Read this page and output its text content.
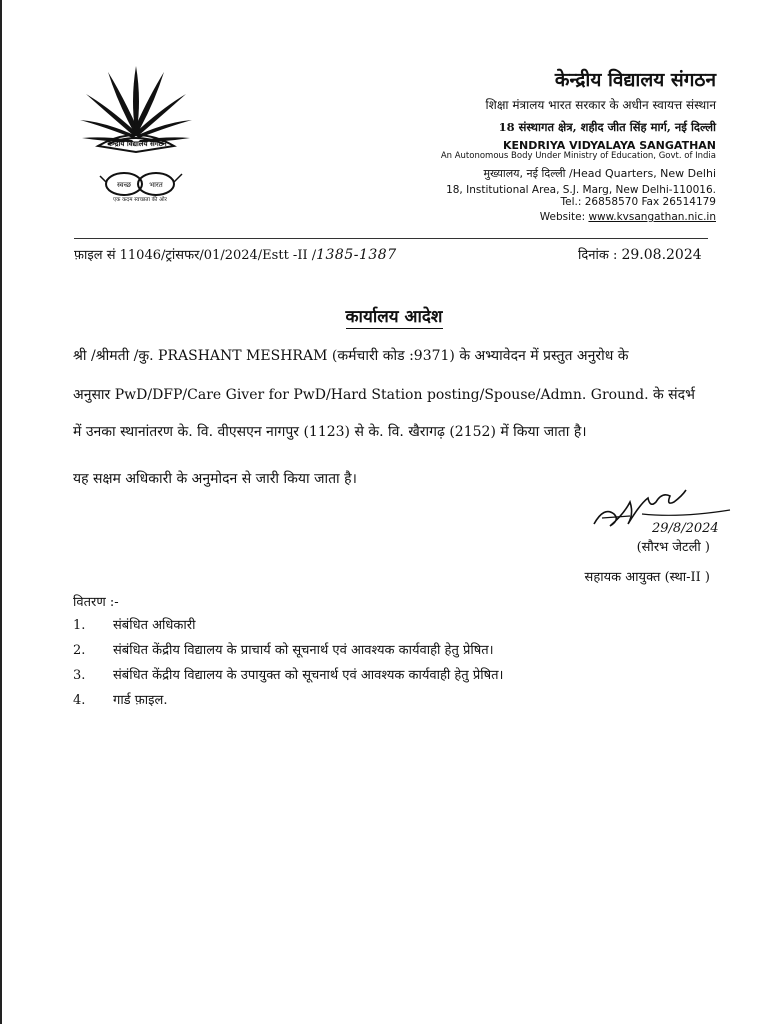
केन्द्रीय विद्यालय संगठन
स्वच्छ	भारत
एक कदम स्वच्छता की ओर
केन्द्रीय विद्यालय संगठन
शिक्षा मंत्रालय भारत सरकार के अधीन स्वायत्त संस्थान
18 संस्थागत क्षेत्र, शहीद जीत सिंह मार्ग, नई दिल्ली
KENDRIYA VIDYALAYA SANGATHAN
An Autonomous Body Under Ministry of Education, Govt. of India
मुख्यालय, नई दिल्ली /Head Quarters, New Delhi
18, Institutional Area, S.J. Marg, New Delhi-110016.
Tel.: 26858570 Fax 26514179
Website: www.kvsangathan.nic.in
फ़ाइल सं 11046/ट्रांसफर/01/2024/Estt -II /1385-1387	दिनांक : 29.08.2024
कार्यालय आदेश
श्री /श्रीमती /कु. PRASHANT MESHRAM (कर्मचारी कोड :9371) के अभ्यावेदन में प्रस्तुत अनुरोध के
अनुसार PwD/DFP/Care Giver for PwD/Hard Station posting/Spouse/Admn. Ground. के संदर्भ
में उनका स्थानांतरण के. वि. वीएसएन नागपुर (1123) से के. वि. खैरागढ़ (2152) में किया जाता है।
यह सक्षम अधिकारी के अनुमोदन से जारी किया जाता है।
29/8/2024
(सौरभ जेटली )
सहायक आयुक्त (स्था-II )
वितरण :-
1. संबंधित अधिकारी
2. संबंधित केंद्रीय विद्यालय के प्राचार्य को सूचनार्थ एवं आवश्यक कार्यवाही हेतु प्रेषित।
3. संबंधित केंद्रीय विद्यालय के उपायुक्त को सूचनार्थ एवं आवश्यक कार्यवाही हेतु प्रेषित।
4. गार्ड फ़ाइल.
